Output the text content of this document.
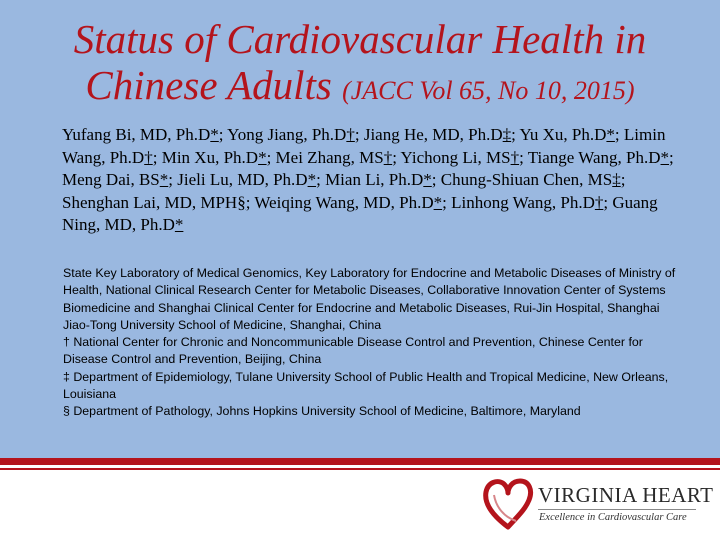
Status of Cardiovascular Health in
Chinese Adults (JACC Vol 65, No 10, 2015)
Yufang Bi, MD, Ph.D*; Yong Jiang, Ph.D†; Jiang He, MD, Ph.D‡; Yu Xu, Ph.D*; Limin Wang, Ph.D†; Min Xu, Ph.D*; Mei Zhang, MS†; Yichong Li, MS†; Tiange Wang, Ph.D*; Meng Dai, BS*; Jieli Lu, MD, Ph.D*; Mian Li, Ph.D*; Chung-Shiuan Chen, MS‡; Shenghan Lai, MD, MPH§; Weiqing Wang, MD, Ph.D*; Linhong Wang, Ph.D†; Guang Ning, MD, Ph.D*

State Key Laboratory of Medical Genomics, Key Laboratory for Endocrine and Metabolic Diseases of Ministry of Health, National Clinical Research Center for Metabolic Diseases, Collaborative Innovation Center of Systems Biomedicine and Shanghai Clinical Center for Endocrine and Metabolic Diseases, Rui-Jin Hospital, Shanghai Jiao-Tong University School of Medicine, Shanghai, China

† National Center for Chronic and Noncommunicable Disease Control and Prevention, Chinese Center for Disease Control and Prevention, Beijing, China

‡ Department of Epidemiology, Tulane University School of Public Health and Tropical Medicine, New Orleans, Louisiana

§ Department of Pathology, Johns Hopkins University School of Medicine, Baltimore, Maryland

VIRGINIA HEART
Excellence in Cardiovascular Care
